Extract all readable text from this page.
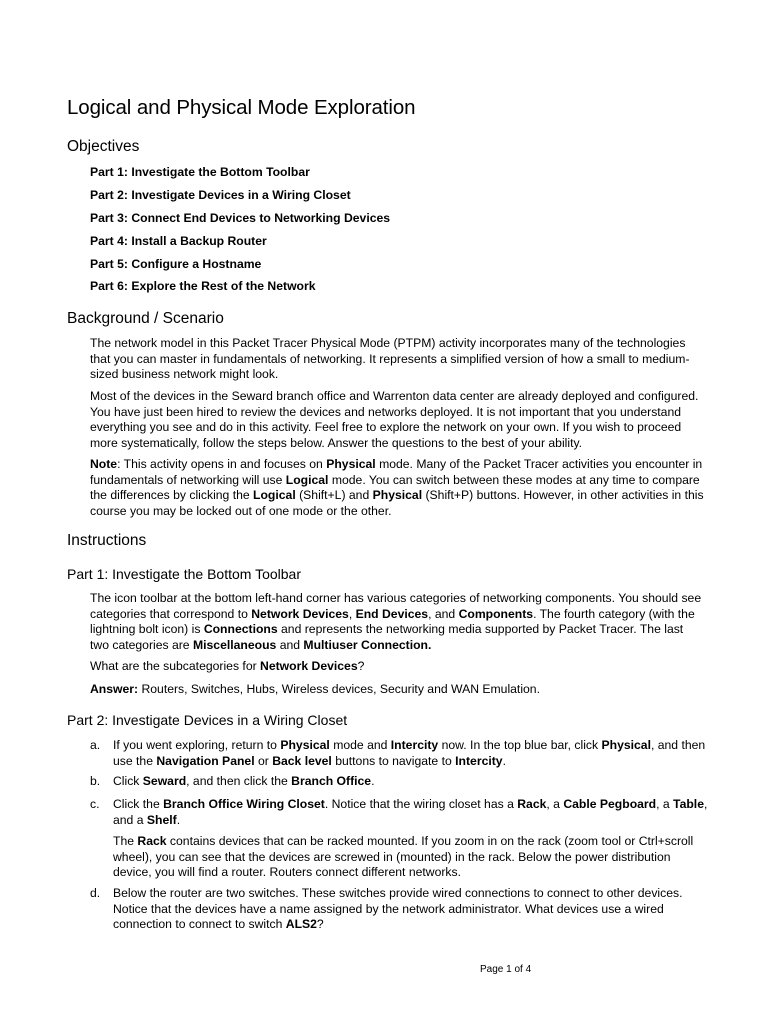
Logical and Physical Mode Exploration
Objectives
Part 1: Investigate the Bottom Toolbar
Part 2: Investigate Devices in a Wiring Closet
Part 3: Connect End Devices to Networking Devices
Part 4: Install a Backup Router
Part 5: Configure a Hostname
Part 6: Explore the Rest of the Network
Background / Scenario

The network model in this Packet Tracer Physical Mode (PTPM) activity incorporates many of the technologies that you can master in fundamentals of networking. It represents a simplified version of how a small to medium-sized business network might look.

Most of the devices in the Seward branch office and Warrenton data center are already deployed and configured. You have just been hired to review the devices and networks deployed. It is not important that you understand everything you see and do in this activity. Feel free to explore the network on your own. If you wish to proceed more systematically, follow the steps below. Answer the questions to the best of your ability.

Note: This activity opens in and focuses on Physical mode. Many of the Packet Tracer activities you encounter in fundamentals of networking will use Logical mode. You can switch between these modes at any time to compare the differences by clicking the Logical (Shift+L) and Physical (Shift+P) buttons. However, in other activities in this course you may be locked out of one mode or the other.

Instructions
Part 1: Investigate the Bottom Toolbar

The icon toolbar at the bottom left-hand corner has various categories of networking components. You should see categories that correspond to Network Devices, End Devices, and Components. The fourth category (with the lightning bolt icon) is Connections and represents the networking media supported by Packet Tracer. The last two categories are Miscellaneous and Multiuser Connection.

What are the subcategories for Network Devices?

Answer: Routers, Switches, Hubs, Wireless devices, Security and WAN Emulation.

Part 2: Investigate Devices in a Wiring Closet
a. If you went exploring, return to Physical mode and Intercity now. In the top blue bar, click Physical, and then use the Navigation Panel or Back level buttons to navigate to Intercity.

b. Click Seward, and then click the Branch Office.

c. Click the Branch Office Wiring Closet. Notice that the wiring closet has a Rack, a Cable Pegboard, a Table, and a Shelf.

The Rack contains devices that can be racked mounted. If you zoom in on the rack (zoom tool or Ctrl+scroll wheel), you can see that the devices are screwed in (mounted) in the rack. Below the power distribution device, you will find a router. Routers connect different networks.

d. Below the router are two switches. These switches provide wired connections to connect to other devices. Notice that the devices have a name assigned by the network administrator. What devices use a wired connection to connect to switch ALS2?

Page 1 of 4
